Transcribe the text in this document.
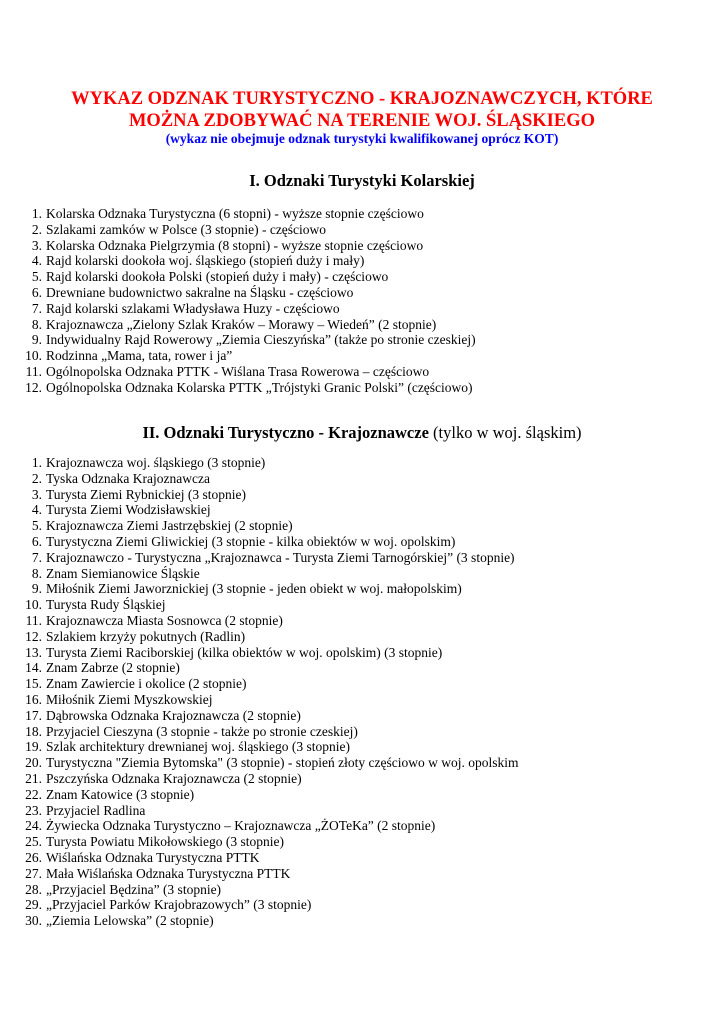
WYKAZ ODZNAK TURYSTYCZNO - KRAJOZNAWCZYCH, KTÓRE
MOŻNA ZDOBYWAĆ NA TERENIE WOJ. ŚLĄSKIEGO

(wykaz nie obejmuje odznak turystyki kwalifikowanej oprócz KOT)

I. Odznaki Turystyki Kolarskiej
1. Kolarska Odznaka Turystyczna (6 stopni) - wyższe stopnie częściowo
2. Szlakami zamków w Polsce (3 stopnie) - częściowo
3. Kolarska Odznaka Pielgrzymia (8 stopni) - wyższe stopnie częściowo
4. Rajd kolarski dookoła woj. śląskiego (stopień duży i mały)
5. Rajd kolarski dookoła Polski (stopień duży i mały) - częściowo
6. Drewniane budownictwo sakralne na Śląsku - częściowo
7. Rajd kolarski szlakami Władysława Huzy - częściowo
8. Krajoznawcza „Zielony Szlak Kraków – Morawy – Wiedeń” (2 stopnie)
9. Indywidualny Rajd Rowerowy „Ziemia Cieszyńska” (także po stronie czeskiej)
10. Rodzinna „Mama, tata, rower i ja”
11. Ogólnopolska Odznaka PTTK - Wiślana Trasa Rowerowa – częściowo
12. Ogólnopolska Odznaka Kolarska PTTK „Trójstyki Granic Polski” (częściowo)
II. Odznaki Turystyczno - Krajoznawcze (tylko w woj. śląskim)
1. Krajoznawcza woj. śląskiego (3 stopnie)
2. Tyska Odznaka Krajoznawcza
3. Turysta Ziemi Rybnickiej (3 stopnie)
4. Turysta Ziemi Wodzisławskiej
5. Krajoznawcza Ziemi Jastrzębskiej (2 stopnie)
6. Turystyczna Ziemi Gliwickiej (3 stopnie - kilka obiektów w woj. opolskim)
7. Krajoznawczo - Turystyczna „Krajoznawca - Turysta Ziemi Tarnogórskiej” (3 stopnie)
8. Znam Siemianowice Śląskie
9. Miłośnik Ziemi Jaworznickiej (3 stopnie - jeden obiekt w woj. małopolskim)
10. Turysta Rudy Śląskiej
11. Krajoznawcza Miasta Sosnowca (2 stopnie)
12. Szlakiem krzyży pokutnych (Radlin)
13. Turysta Ziemi Raciborskiej (kilka obiektów w woj. opolskim) (3 stopnie)
14. Znam Zabrze (2 stopnie)
15. Znam Zawiercie i okolice (2 stopnie)
16. Miłośnik Ziemi Myszkowskiej
17. Dąbrowska Odznaka Krajoznawcza (2 stopnie)
18. Przyjaciel Cieszyna (3 stopnie - także po stronie czeskiej)
19. Szlak architektury drewnianej woj. śląskiego (3 stopnie)
20. Turystyczna "Ziemia Bytomska" (3 stopnie) - stopień złoty częściowo w woj. opolskim
21. Pszczyńska Odznaka Krajoznawcza (2 stopnie)
22. Znam Katowice (3 stopnie)
23. Przyjaciel Radlina
24. Żywiecka Odznaka Turystyczno – Krajoznawcza „ŻOTeKa” (2 stopnie)
25. Turysta Powiatu Mikołowskiego (3 stopnie)
26. Wiślańska Odznaka Turystyczna PTTK
27. Mała Wiślańska Odznaka Turystyczna PTTK
28. „Przyjaciel Będzina” (3 stopnie)
29. „Przyjaciel Parków Krajobrazowych” (3 stopnie)
30. „Ziemia Lelowska” (2 stopnie)
